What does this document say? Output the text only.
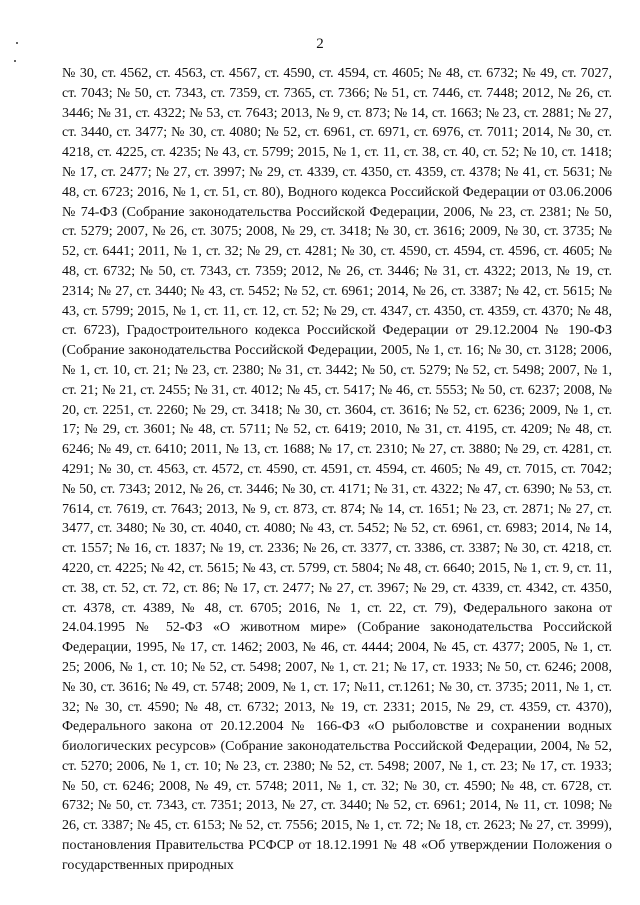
2

№ 30, ст. 4562, ст. 4563, ст. 4567, ст. 4590, ст. 4594, ст. 4605; № 48, ст. 6732; № 49, ст. 7027, ст. 7043; № 50, ст. 7343, ст. 7359, ст. 7365, ст. 7366; № 51, ст. 7446, ст. 7448; 2012, № 26, ст. 3446; № 31, ст. 4322; № 53, ст. 7643; 2013, № 9, ст. 873; № 14, ст. 1663; № 23, ст. 2881; № 27, ст. 3440, ст. 3477; № 30, ст. 4080; № 52, ст. 6961, ст. 6971, ст. 6976, ст. 7011; 2014, № 30, ст. 4218, ст. 4225, ст. 4235; № 43, ст. 5799; 2015, № 1, ст. 11, ст. 38, ст. 40, ст. 52; № 10, ст. 1418; № 17, ст. 2477; № 27, ст. 3997; № 29, ст. 4339, ст. 4350, ст. 4359, ст. 4378; № 41, ст. 5631; № 48, ст. 6723; 2016, № 1, ст. 51, ст. 80), Водного кодекса Российской Федерации от 03.06.2006 № 74-ФЗ (Собрание законодательства Российской Федерации, 2006, № 23, ст. 2381; № 50, ст. 5279; 2007, № 26, ст. 3075; 2008, № 29, ст. 3418; № 30, ст. 3616; 2009, № 30, ст. 3735; № 52, ст. 6441; 2011, № 1, ст. 32; № 29, ст. 4281; № 30, ст. 4590, ст. 4594, ст. 4596, ст. 4605; № 48, ст. 6732; № 50, ст. 7343, ст. 7359; 2012, № 26, ст. 3446; № 31, ст. 4322; 2013, № 19, ст. 2314; № 27, ст. 3440; № 43, ст. 5452; № 52, ст. 6961; 2014, № 26, ст. 3387; № 42, ст. 5615; № 43, ст. 5799; 2015, № 1, ст. 11, ст. 12, ст. 52; № 29, ст. 4347, ст. 4350, ст. 4359, ст. 4370; № 48, ст. 6723), Градостроительного кодекса Российской Федерации от 29.12.2004 № 190-ФЗ (Собрание законодательства Российской Федерации, 2005, № 1, ст. 16; № 30, ст. 3128; 2006, № 1, ст. 10, ст. 21; № 23, ст. 2380; № 31, ст. 3442; № 50, ст. 5279; № 52, ст. 5498; 2007, № 1, ст. 21; № 21, ст. 2455; № 31, ст. 4012; № 45, ст. 5417; № 46, ст. 5553; № 50, ст. 6237; 2008, № 20, ст. 2251, ст. 2260; № 29, ст. 3418; № 30, ст. 3604, ст. 3616; № 52, ст. 6236; 2009, № 1, ст. 17; № 29, ст. 3601; № 48, ст. 5711; № 52, ст. 6419; 2010, № 31, ст. 4195, ст. 4209; № 48, ст. 6246; № 49, ст. 6410; 2011, № 13, ст. 1688; № 17, ст. 2310; № 27, ст. 3880; № 29, ст. 4281, ст. 4291; № 30, ст. 4563, ст. 4572, ст. 4590, ст. 4591, ст. 4594, ст. 4605; № 49, ст. 7015, ст. 7042; № 50, ст. 7343; 2012, № 26, ст. 3446; № 30, ст. 4171; № 31, ст. 4322; № 47, ст. 6390; № 53, ст. 7614, ст. 7619, ст. 7643; 2013, № 9, ст. 873, ст. 874; № 14, ст. 1651; № 23, ст. 2871; № 27, ст. 3477, ст. 3480; № 30, ст. 4040, ст. 4080; № 43, ст. 5452; № 52, ст. 6961, ст. 6983; 2014, № 14, ст. 1557; № 16, ст. 1837; № 19, ст. 2336; № 26, ст. 3377, ст. 3386, ст. 3387; № 30, ст. 4218, ст. 4220, ст. 4225; № 42, ст. 5615; № 43, ст. 5799, ст. 5804; № 48, ст. 6640; 2015, № 1, ст. 9, ст. 11, ст. 38, ст. 52, ст. 72, ст. 86; № 17, ст. 2477; № 27, ст. 3967; № 29, ст. 4339, ст. 4342, ст. 4350, ст. 4378, ст. 4389, № 48, ст. 6705; 2016, № 1, ст. 22, ст. 79), Федерального закона от 24.04.1995 № 52-ФЗ «О животном мире» (Собрание законодательства Российской Федерации, 1995, № 17, ст. 1462; 2003, № 46, ст. 4444; 2004, № 45, ст. 4377; 2005, № 1, ст. 25; 2006, № 1, ст. 10; № 52, ст. 5498; 2007, № 1, ст. 21; № 17, ст. 1933; № 50, ст. 6246; 2008, № 30, ст. 3616; № 49, ст. 5748; 2009, № 1, ст. 17; №11, ст.1261; № 30, ст. 3735; 2011, № 1, ст. 32; № 30, ст. 4590; № 48, ст. 6732; 2013, № 19, ст. 2331; 2015, № 29, ст. 4359, ст. 4370), Федерального закона от 20.12.2004 № 166-ФЗ «О рыболовстве и сохранении водных биологических ресурсов» (Собрание законодательства Российской Федерации, 2004, № 52, ст. 5270; 2006, № 1, ст. 10; № 23, ст. 2380; № 52, ст. 5498; 2007, № 1, ст. 23; № 17, ст. 1933; № 50, ст. 6246; 2008, № 49, ст. 5748; 2011, № 1, ст. 32; № 30, ст. 4590; № 48, ст. 6728, ст. 6732; № 50, ст. 7343, ст. 7351; 2013, № 27, ст. 3440; № 52, ст. 6961; 2014, № 11, ст. 1098; № 26, ст. 3387; № 45, ст. 6153; № 52, ст. 7556; 2015, № 1, ст. 72; № 18, ст. 2623; № 27, ст. 3999), постановления Правительства РСФСР от 18.12.1991 № 48 «Об утверждении Положения о государственных природных
